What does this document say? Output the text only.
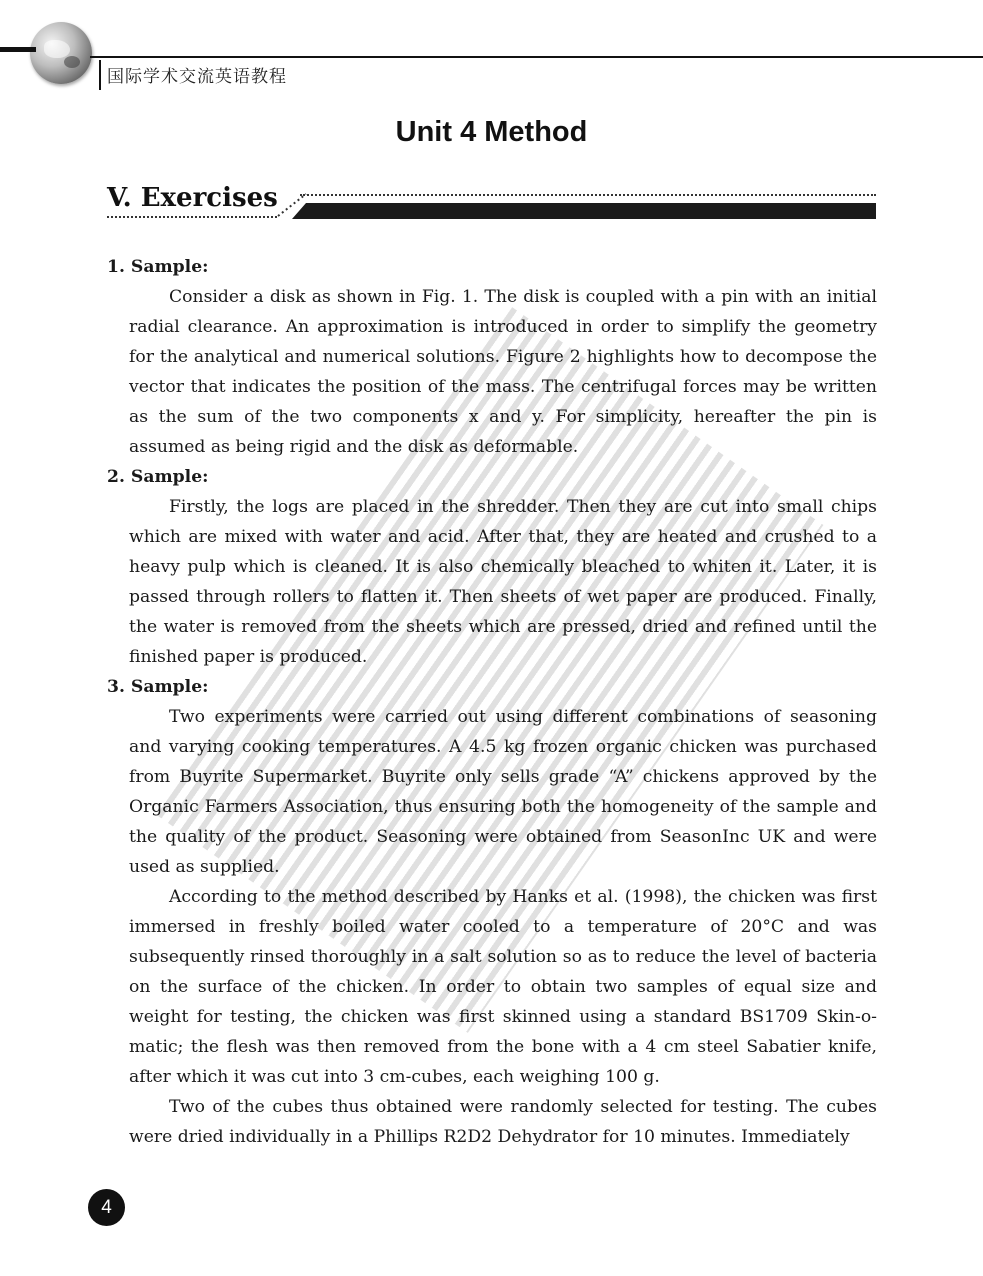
国际学术交流英语教程
Unit 4 Method
V. Exercises

1. Sample:

Consider a disk as shown in Fig. 1. The disk is coupled with a pin with an initial radial clearance. An approximation is introduced in order to simplify the geometry for the analytical and numerical solutions. Figure 2 highlights how to decompose the vector that indicates the position of the mass. The centrifugal forces may be written as the sum of the two components x and y. For simplicity, hereafter the pin is assumed as being rigid and the disk as deformable.

2. Sample:

Firstly, the logs are placed in the shredder. Then they are cut into small chips which are mixed with water and acid. After that, they are heated and crushed to a heavy pulp which is cleaned. It is also chemically bleached to whiten it. Later, it is passed through rollers to flatten it. Then sheets of wet paper are produced. Finally, the water is removed from the sheets which are pressed, dried and refined until the finished paper is produced.

3. Sample:

Two experiments were carried out using different combinations of seasoning and varying cooking temperatures. A 4.5 kg frozen organic chicken was purchased from Buyrite Supermarket. Buyrite only sells grade “A” chickens approved by the Organic Farmers Association, thus ensuring both the homogeneity of the sample and the quality of the product. Seasoning were obtained from SeasonInc UK and were used as supplied.

According to the method described by Hanks et al. (1998), the chicken was first immersed in freshly boiled water cooled to a temperature of 20°C and was subsequently rinsed thoroughly in a salt solution so as to reduce the level of bacteria on the surface of the chicken. In order to obtain two samples of equal size and weight for testing, the chicken was first skinned using a standard BS1709 Skin-o-matic; the flesh was then removed from the bone with a 4 cm steel Sabatier knife, after which it was cut into 3 cm-cubes, each weighing 100 g.

Two of the cubes thus obtained were randomly selected for testing. The cubes were dried individually in a Phillips R2D2 Dehydrator for 10 minutes. Immediately

4
